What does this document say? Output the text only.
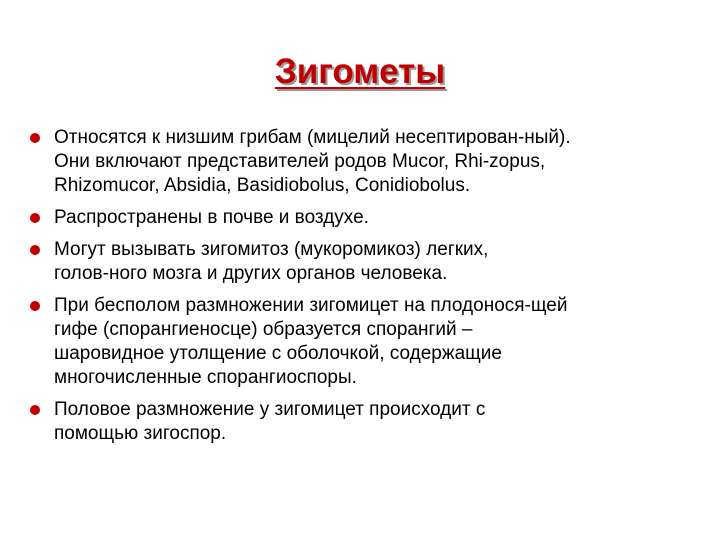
Зигометы
Относятся к низшим грибам (мицелий несептирован-ный).
Они включают представителей родов Mucor, Rhi-zopus,
Rhizomucor, Absidia, Basidiobolus, Conidiobolus.
Распространены в почве и воздухе.
Могут вызывать зигомитоз (мукоромикоз) легких,
голов-ного мозга и других органов человека.
При бесполом размножении зигомицет на плодонося-щей
гифе (спорангиеносце) образуется спорангий –
шаровидное утолщение с оболочкой, содержащие
многочисленные спорангиоспоры.
Половое размножение у зигомицет происходит с
помощью зигоспор.
